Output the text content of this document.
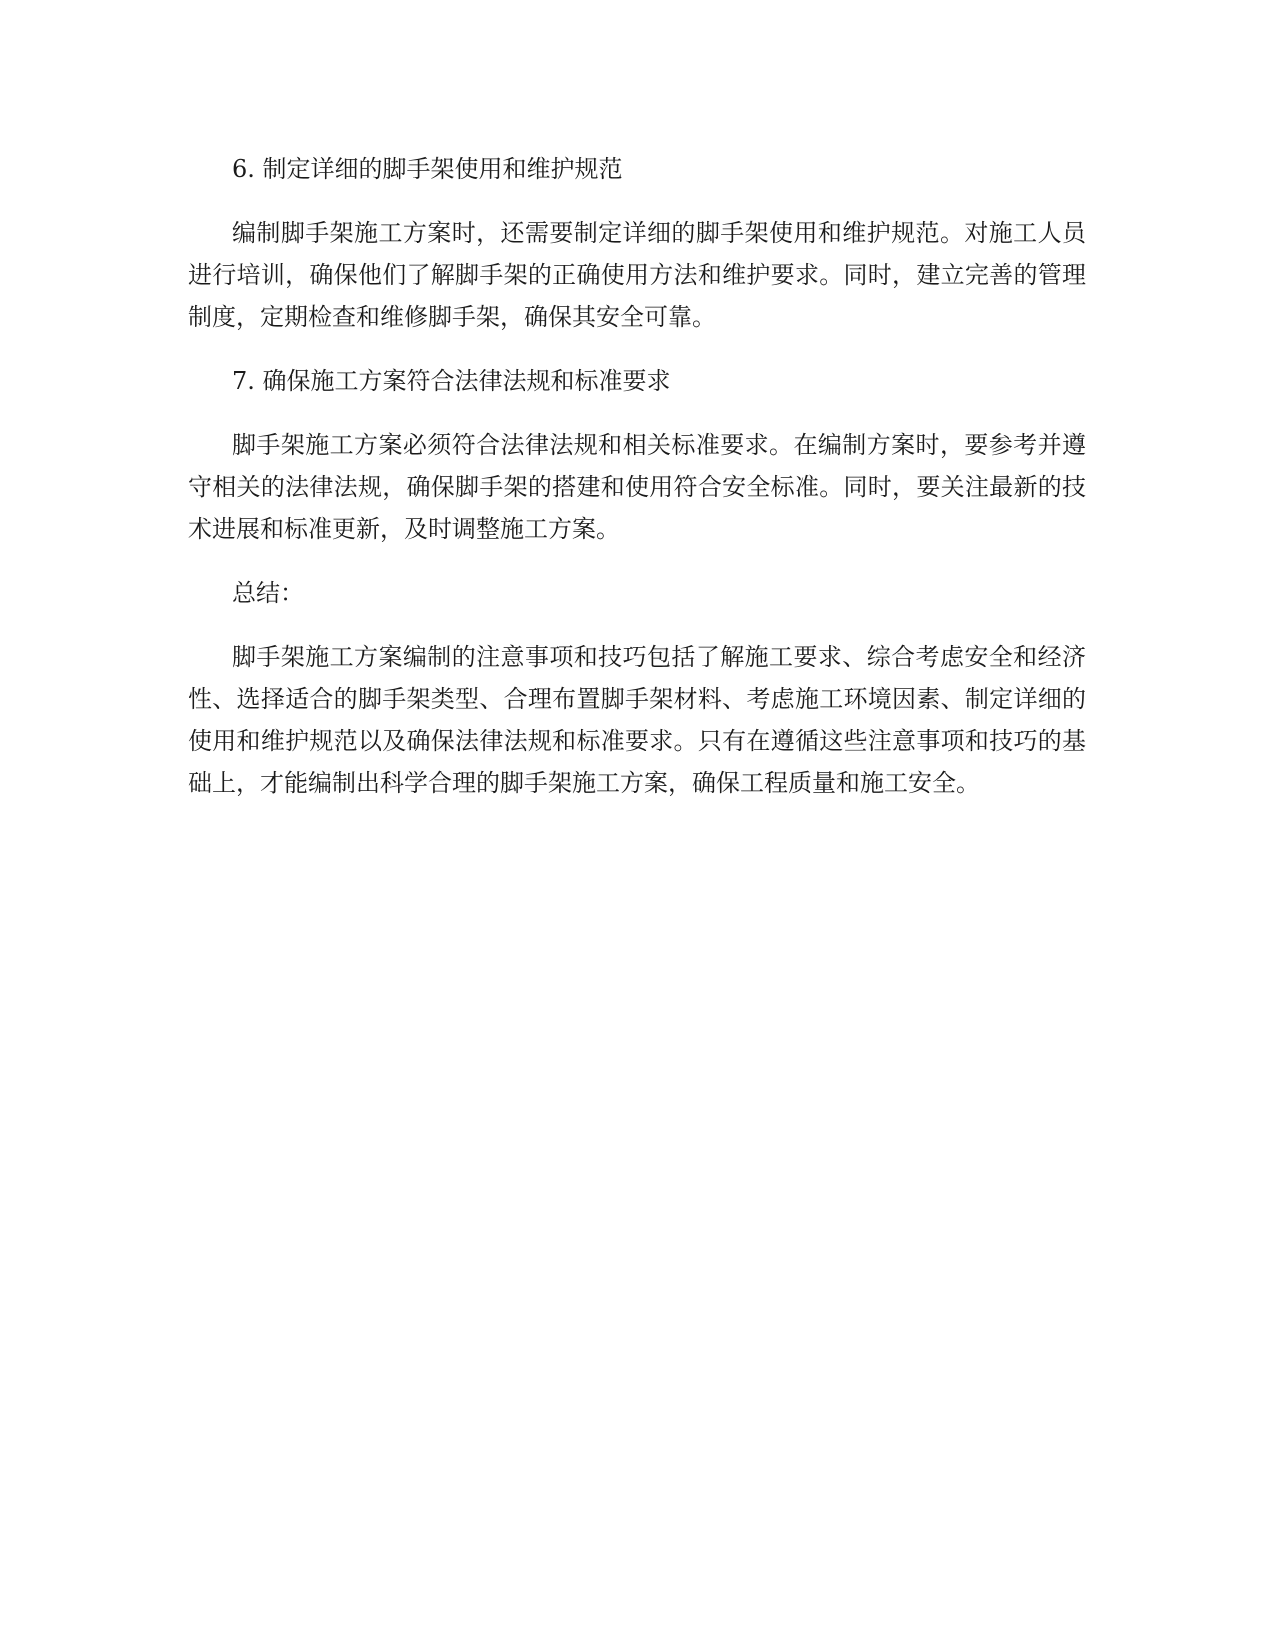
6. 制定详细的脚手架使用和维护规范

编制脚手架施工方案时，还需要制定详细的脚手架使用和维护规范。对施工人员进行培训，确保他们了解脚手架的正确使用方法和维护要求。同时，建立完善的管理制度，定期检查和维修脚手架，确保其安全可靠。

7. 确保施工方案符合法律法规和标准要求

脚手架施工方案必须符合法律法规和相关标准要求。在编制方案时，要参考并遵守相关的法律法规，确保脚手架的搭建和使用符合安全标准。同时，要关注最新的技术进展和标准更新，及时调整施工方案。

总结：

脚手架施工方案编制的注意事项和技巧包括了解施工要求、综合考虑安全和经济性、选择适合的脚手架类型、合理布置脚手架材料、考虑施工环境因素、制定详细的使用和维护规范以及确保法律法规和标准要求。只有在遵循这些注意事项和技巧的基础上，才能编制出科学合理的脚手架施工方案，确保工程质量和施工安全。
